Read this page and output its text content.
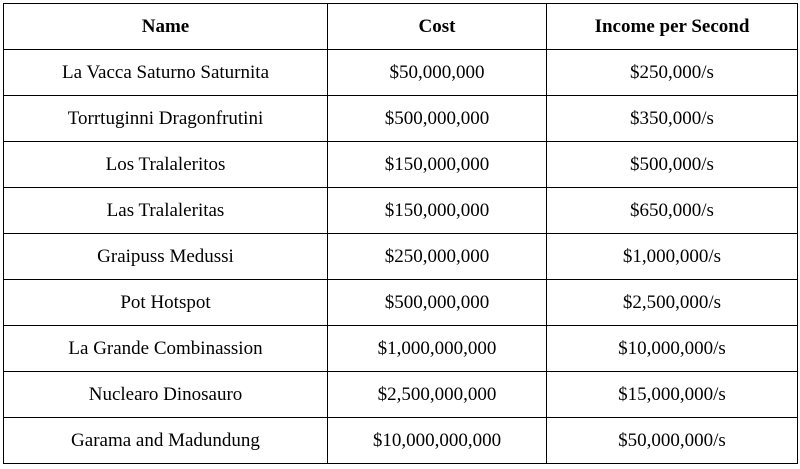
Name	Cost	Income per Second
La Vacca Saturno Saturnita	$50,000,000	$250,000/s
Torrtuginni Dragonfrutini	$500,000,000	$350,000/s
Los Tralaleritos	$150,000,000	$500,000/s
Las Tralaleritas	$150,000,000	$650,000/s
Graipuss Medussi	$250,000,000	$1,000,000/s
Pot Hotspot	$500,000,000	$2,500,000/s
La Grande Combinassion	$1,000,000,000	$10,000,000/s
Nuclearo Dinosauro	$2,500,000,000	$15,000,000/s
Garama and Madundung	$10,000,000,000	$50,000,000/s
